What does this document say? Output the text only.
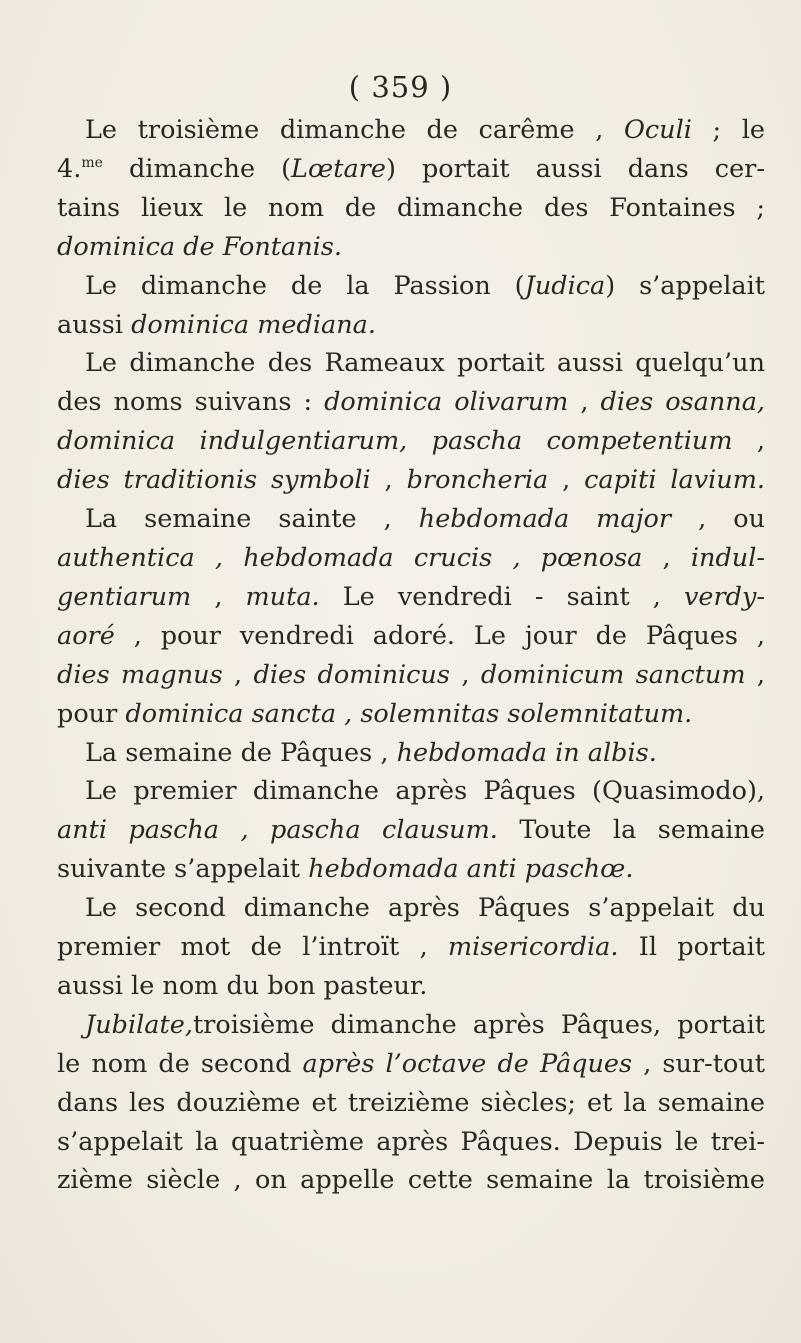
( 359 )
Le troisième dimanche de carême , Oculi ; le
4.$^{me}$ dimanche (Lœtare) portait aussi dans cer-
tains lieux le nom de dimanche des Fontaines ;
dominica de Fontanis.
Le dimanche de la Passion (Judica) s’appelait
aussi dominica mediana.
Le dimanche des Rameaux portait aussi quelqu’un
des noms suivans : dominica olivarum , dies osanna,
dominica indulgentiarum, pascha competentium ,
dies traditionis symboli , broncheria , capiti lavium.
La semaine sainte , hebdomada major , ou
authentica , hebdomada crucis , pœnosa , indul-
gentiarum , muta. Le vendredi - saint , verdy-
aoré , pour vendredi adoré. Le jour de Pâques ,
dies magnus , dies dominicus , dominicum sanctum ,
pour dominica sancta , solemnitas solemnitatum.
La semaine de Pâques , hebdomada in albis.
Le premier dimanche après Pâques (Quasimodo),
anti pascha , pascha clausum. Toute la semaine
suivante s’appelait hebdomada anti paschœ.
Le second dimanche après Pâques s’appelait du
premier mot de l’introït , misericordia. Il portait
aussi le nom du bon pasteur.
Jubilate,troisième dimanche après Pâques, portait
le nom de second après l’octave de Pâques , sur-tout
dans les douzième et treizième siècles; et la semaine
s’appelait la quatrième après Pâques. Depuis le trei-
zième siècle , on appelle cette semaine la troisième
